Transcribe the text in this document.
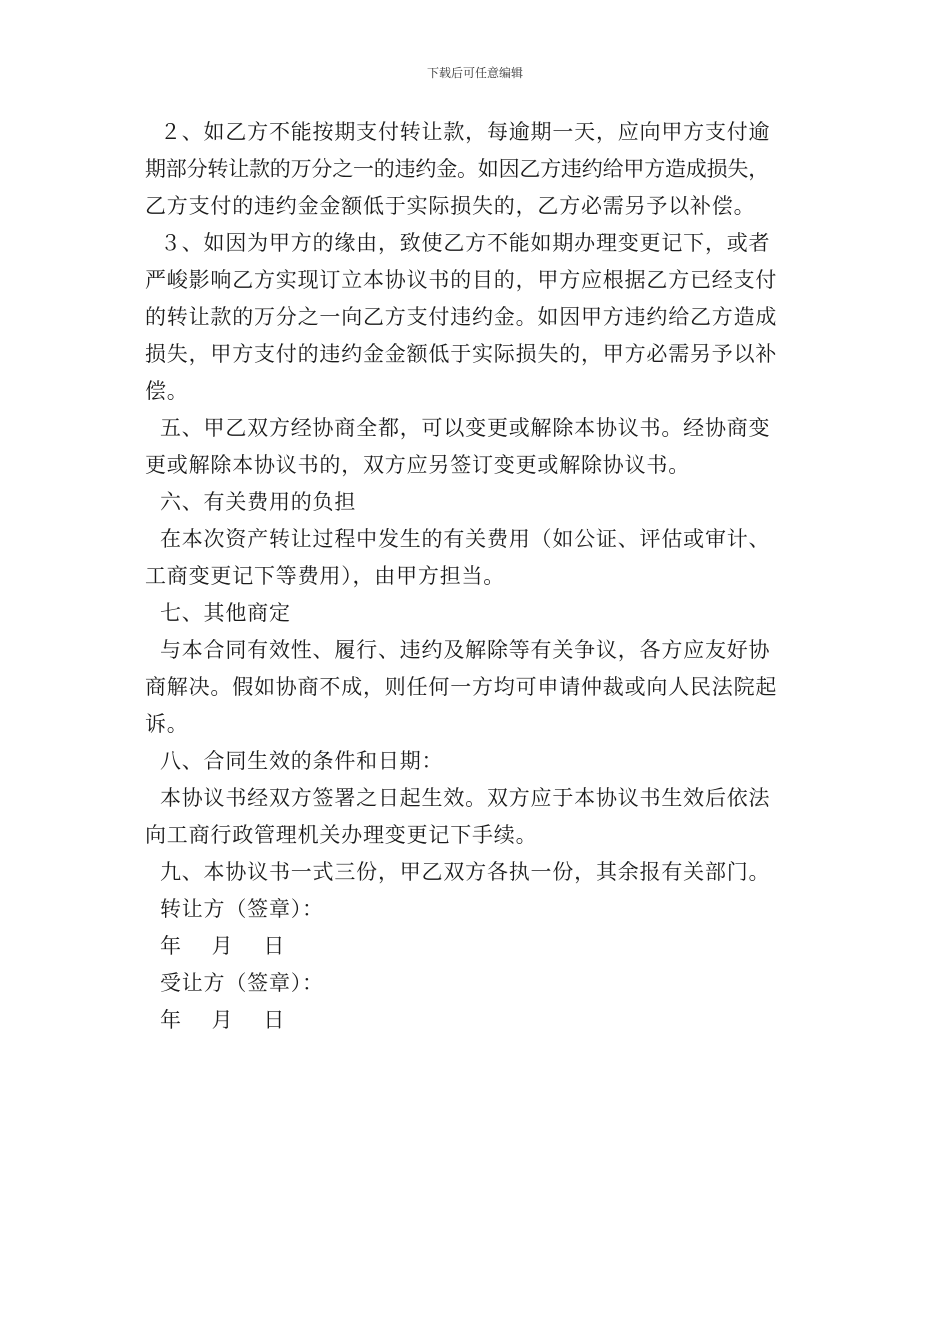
下载后可任意编辑
２、如乙方不能按期支付转让款，每逾期一天，应向甲方支付逾
期部分转让款的万分之一的违约金。如因乙方违约给甲方造成损失，
乙方支付的违约金金额低于实际损失的，乙方必需另予以补偿。
３、如因为甲方的缘由，致使乙方不能如期办理变更记下，或者
严峻影响乙方实现订立本协议书的目的，甲方应根据乙方已经支付
的转让款的万分之一向乙方支付违约金。如因甲方违约给乙方造成
损失，甲方支付的违约金金额低于实际损失的，甲方必需另予以补
偿。
五、甲乙双方经协商全都，可以变更或解除本协议书。经协商变
更或解除本协议书的，双方应另签订变更或解除协议书。
六、有关费用的负担
在本次资产转让过程中发生的有关费用（如公证、评估或审计、
工商变更记下等费用），由甲方担当。
七、其他商定
与本合同有效性、履行、违约及解除等有关争议，各方应友好协
商解决。假如协商不成，则任何一方均可申请仲裁或向人民法院起
诉。
八、合同生效的条件和日期：
本协议书经双方签署之日起生效。双方应于本协议书生效后依法
向工商行政管理机关办理变更记下手续。
九、本协议书一式三份，甲乙双方各执一份，其余报有关部门。
转让方（签章）：
年    月    日
受让方（签章）：
年    月    日
